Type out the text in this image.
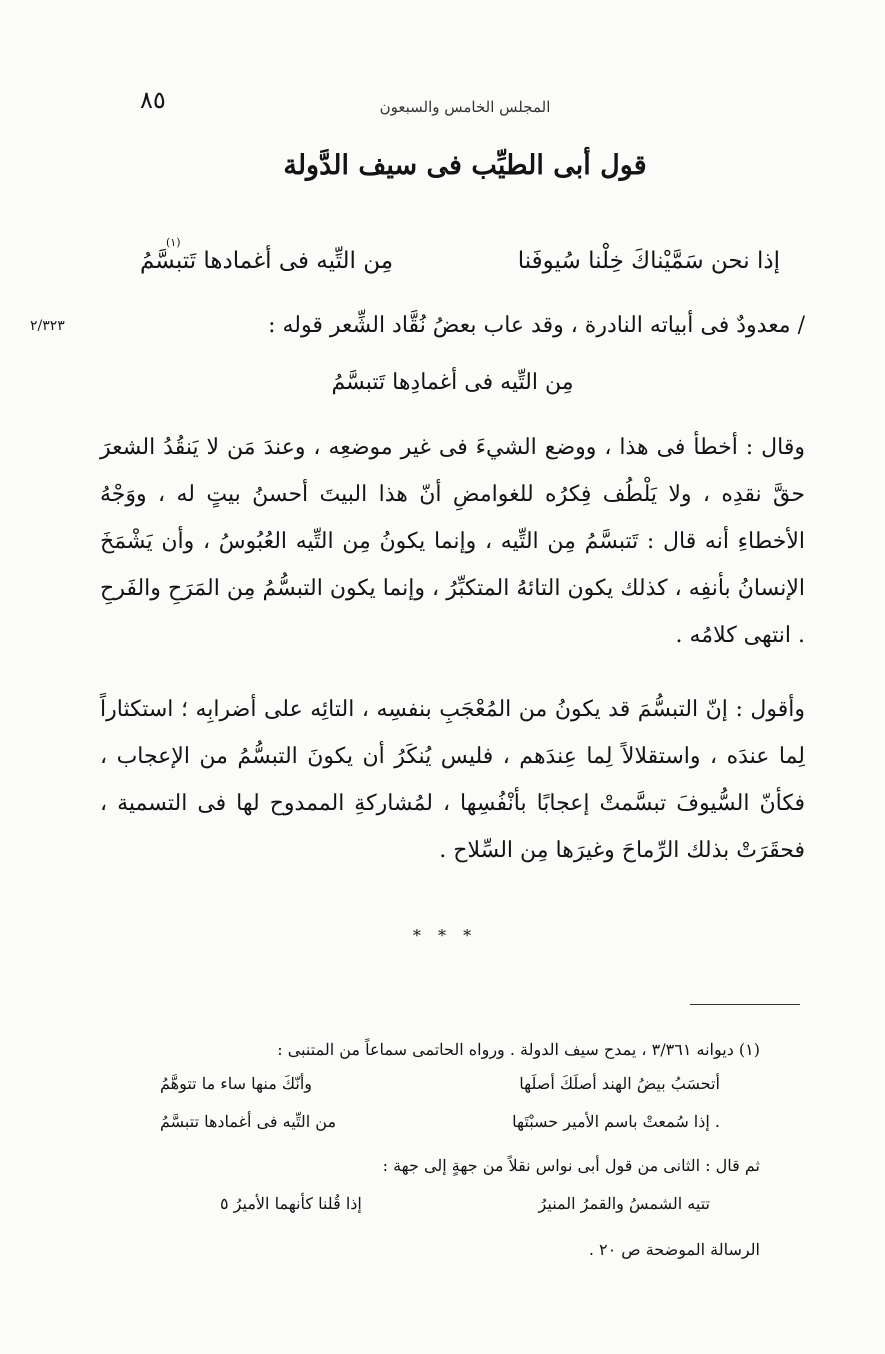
٨٥	المجلس الخامس والسبعون
قول أبى الطيِّب فى سيف الدَّولة
إذا نحن سَمَّيْناكَ خِلْنا سُيوفَنا
مِن التِّيه فى أغمادها تَتبسَّمُ
(١)
٢/٣٢٣	/ معدودٌ فى أبياته النادرة ، وقد عاب بعضُ نُقَّاد الشِّعر قوله :
مِن التِّيه فى أغمادِها تَتبسَّمُ
وقال : أخطأ فى هذا ، ووضع الشيءَ فى غير موضعِه ، وعندَ مَن لا يَنقُدُ الشعرَ حقَّ نقدِه ، ولا يَلْطُف فِكرُه للغوامضِ أنّ هذا البيتَ أحسنُ بيتٍ له ، ووَجْهُ الأخطاءِ أنه قال : تَتبسَّمُ مِن التِّيه ، وإنما يكونُ مِن التِّيه العُبُوسُ ، وأن يَشْمَخَ الإنسانُ بأنفِه ، كذلك يكون التائهُ المتكبِّرُ ، وإنما يكون التبسُّمُ مِن المَرَحِ والفَرحِ . انتهى كلامُه .
وأقول : إنّ التبسُّمَ قد يكونُ من المُعْجَبِ بنفسِه ، التائِه على أضرابِه ؛ استكثاراً لِما عندَه ، واستقلالاً لِما عِندَهم ، فليس يُنكَرُ أن يكونَ التبسُّمُ من الإعجاب ، فكأنّ السُّيوفَ تبسَّمتْ إعجابًا بأنْفُسِها ، لمُشاركةِ الممدوح لها فى التسمية ، فحقَرَتْ بذلك الرِّماحَ وغيرَها مِن السِّلاح .
* * *
(١) ديوانه ٣/٣٦١ ، يمدح سيف الدولة . ورواه الحاتمى سماعاً من المتنبى :
أتحسَبُ بيضُ الهند أصلَكَ أصلَها
وأنّكَ منها ساء ما تتوهَّمُ
. إذا سُمعتْ باسم الأمير حسبْتَها
من التِّيه فى أغمادها تتبسَّمُ
ثم قال : الثانى من قول أبى نواس نقلاً من جهةٍ إلى جهة :
تتيه الشمسُ والقمرُ المنيرُ
إذا قُلنا كأنهما الأميرُ ٥
الرسالة الموضحة ص ٢٠ .
